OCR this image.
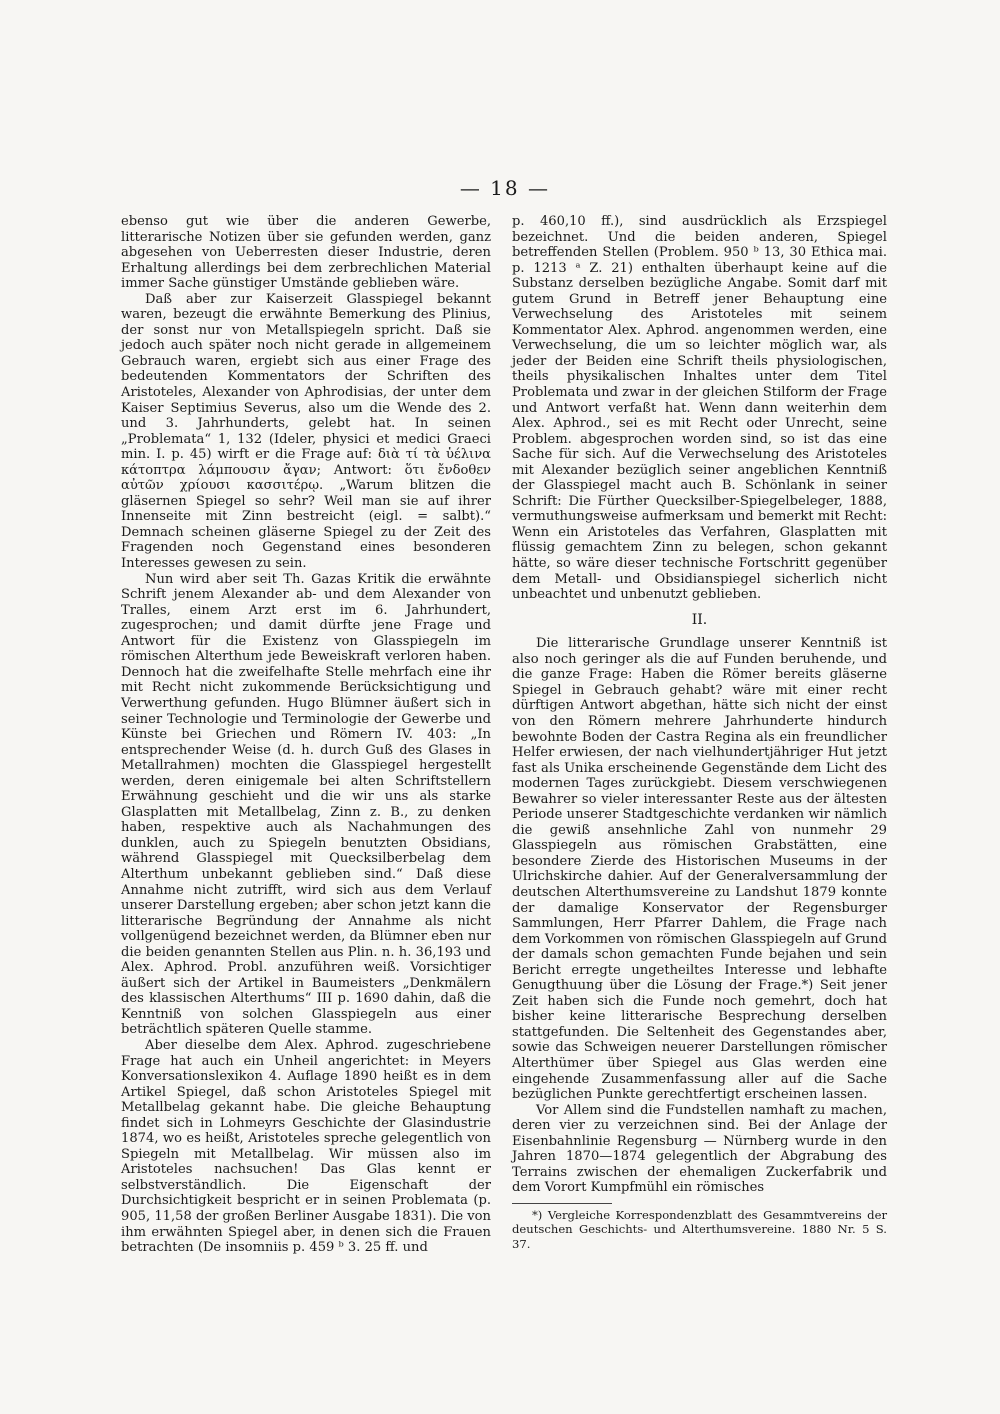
— 18 —

ebenso gut wie über die anderen Gewerbe, litterarische Notizen über sie gefunden werden, ganz abgesehen von Ueberresten dieser Industrie, deren Erhaltung allerdings bei dem zerbrechlichen Material immer Sache günstiger Umstände geblieben wäre.

Daß aber zur Kaiserzeit Glasspiegel bekannt waren, bezeugt die erwähnte Bemerkung des Plinius, der sonst nur von Metallspiegeln spricht. Daß sie jedoch auch später noch nicht gerade in allgemeinem Gebrauch waren, ergiebt sich aus einer Frage des bedeutenden Kommentators der Schriften des Aristoteles, Alexander von Aphrodisias, der unter dem Kaiser Septimius Severus, also um die Wende des 2. und 3. Jahrhunderts, gelebt hat. In seinen „Problemata“ 1, 132 (Ideler, physici et medici Graeci min. I. p. 45) wirft er die Frage auf: διὰ τί τὰ ὑέλινα κάτοπτρα λάμπουσιν ἄγαν; Antwort: ὅτι ἔνδοθεν αὐτῶν χρίουσι κασσιτέρῳ. „Warum blitzen die gläsernen Spiegel so sehr? Weil man sie auf ihrer Innenseite mit Zinn bestreicht (eigl. = salbt).“ Demnach scheinen gläserne Spiegel zu der Zeit des Fragenden noch Gegenstand eines besonderen Interesses gewesen zu sein.

Nun wird aber seit Th. Gazas Kritik die erwähnte Schrift jenem Alexander ab- und dem Alexander von Tralles, einem Arzt erst im 6. Jahrhundert, zugesprochen; und damit dürfte jene Frage und Antwort für die Existenz von Glasspiegeln im römischen Alterthum jede Beweiskraft verloren haben. Dennoch hat die zweifelhafte Stelle mehrfach eine ihr mit Recht nicht zukommende Berücksichtigung und Verwerthung gefunden. Hugo Blümner äußert sich in seiner Technologie und Terminologie der Gewerbe und Künste bei Griechen und Römern IV. 403: „In entsprechender Weise (d. h. durch Guß des Glases in Metallrahmen) mochten die Glasspiegel hergestellt werden, deren einigemale bei alten Schriftstellern Erwähnung geschieht und die wir uns als starke Glasplatten mit Metallbelag, Zinn z. B., zu denken haben, respektive auch als Nachahmungen des dunklen, auch zu Spiegeln benutzten Obsidians, während Glasspiegel mit Quecksilberbelag dem Alterthum unbekannt geblieben sind.“ Daß diese Annahme nicht zutrifft, wird sich aus dem Verlauf unserer Darstellung ergeben; aber schon jetzt kann die litterarische Begründung der Annahme als nicht vollgenügend bezeichnet werden, da Blümner eben nur die beiden genannten Stellen aus Plin. n. h. 36,193 und Alex. Aphrod. Probl. anzuführen weiß. Vorsichtiger äußert sich der Artikel in Baumeisters „Denkmälern des klassischen Alterthums“ III p. 1690 dahin, daß die Kenntniß von solchen Glasspiegeln aus einer beträchtlich späteren Quelle stamme.

Aber dieselbe dem Alex. Aphrod. zugeschriebene Frage hat auch ein Unheil angerichtet: in Meyers Konversationslexikon 4. Auflage 1890 heißt es in dem Artikel Spiegel, daß schon Aristoteles Spiegel mit Metallbelag gekannt habe. Die gleiche Behauptung findet sich in Lohmeyrs Geschichte der Glasindustrie 1874, wo es heißt, Aristoteles spreche gelegentlich von Spiegeln mit Metallbelag. Wir müssen also im Aristoteles nachsuchen! Das Glas kennt er selbstverständlich. Die Eigenschaft der Durchsichtigkeit bespricht er in seinen Problemata (p. 905, 11,58 der großen Berliner Ausgabe 1831). Die von ihm erwähnten Spiegel aber, in denen sich die Frauen betrachten (De insomniis p. 459 ᵇ 3. 25 ff. und

p. 460,10 ff.), sind ausdrücklich als Erzspiegel bezeichnet. Und die beiden anderen, Spiegel betreffenden Stellen (Problem. 950 ᵇ 13, 30 Ethica mai. p. 1213 ᵃ Z. 21) enthalten überhaupt keine auf die Substanz derselben bezügliche Angabe. Somit darf mit gutem Grund in Betreff jener Behauptung eine Verwechselung des Aristoteles mit seinem Kommentator Alex. Aphrod. angenommen werden, eine Verwechselung, die um so leichter möglich war, als jeder der Beiden eine Schrift theils physiologischen, theils physikalischen Inhaltes unter dem Titel Problemata und zwar in der gleichen Stilform der Frage und Antwort verfaßt hat. Wenn dann weiterhin dem Alex. Aphrod., sei es mit Recht oder Unrecht, seine Problem. abgesprochen worden sind, so ist das eine Sache für sich. Auf die Verwechselung des Aristoteles mit Alexander bezüglich seiner angeblichen Kenntniß der Glasspiegel macht auch B. Schönlank in seiner Schrift: Die Fürther Quecksilber-Spiegelbeleger, 1888, vermuthungsweise aufmerksam und bemerkt mit Recht: Wenn ein Aristoteles das Verfahren, Glasplatten mit flüssig gemachtem Zinn zu belegen, schon gekannt hätte, so wäre dieser technische Fortschritt gegenüber dem Metall- und Obsidianspiegel sicherlich nicht unbeachtet und unbenutzt geblieben.

II.

Die litterarische Grundlage unserer Kenntniß ist also noch geringer als die auf Funden beruhende, und die ganze Frage: Haben die Römer bereits gläserne Spiegel in Gebrauch gehabt? wäre mit einer recht dürftigen Antwort abgethan, hätte sich nicht der einst von den Römern mehrere Jahrhunderte hindurch bewohnte Boden der Castra Regina als ein freundlicher Helfer erwiesen, der nach vielhundertjähriger Hut jetzt fast als Unika erscheinende Gegenstände dem Licht des modernen Tages zurückgiebt. Diesem verschwiegenen Bewahrer so vieler interessanter Reste aus der ältesten Periode unserer Stadtgeschichte verdanken wir nämlich die gewiß ansehnliche Zahl von nunmehr 29 Glasspiegeln aus römischen Grabstätten, eine besondere Zierde des Historischen Museums in der Ulrichskirche dahier. Auf der Generalversammlung der deutschen Alterthumsvereine zu Landshut 1879 konnte der damalige Konservator der Regensburger Sammlungen, Herr Pfarrer Dahlem, die Frage nach dem Vorkommen von römischen Glasspiegeln auf Grund der damals schon gemachten Funde bejahen und sein Bericht erregte ungetheiltes Interesse und lebhafte Genugthuung über die Lösung der Frage.*) Seit jener Zeit haben sich die Funde noch gemehrt, doch hat bisher keine litterarische Besprechung derselben stattgefunden. Die Seltenheit des Gegenstandes aber, sowie das Schweigen neuerer Darstellungen römischer Alterthümer über Spiegel aus Glas werden eine eingehende Zusammenfassung aller auf die Sache bezüglichen Punkte gerechtfertigt erscheinen lassen.

Vor Allem sind die Fundstellen namhaft zu machen, deren vier zu verzeichnen sind. Bei der Anlage der Eisenbahnlinie Regensburg — Nürnberg wurde in den Jahren 1870—1874 gelegentlich der Abgrabung des Terrains zwischen der ehemaligen Zuckerfabrik und dem Vorort Kumpfmühl ein römisches

*) Vergleiche Korrespondenzblatt des Gesammtvereins der deutschen Geschichts- und Alterthumsvereine. 1880 Nr. 5 S. 37.
